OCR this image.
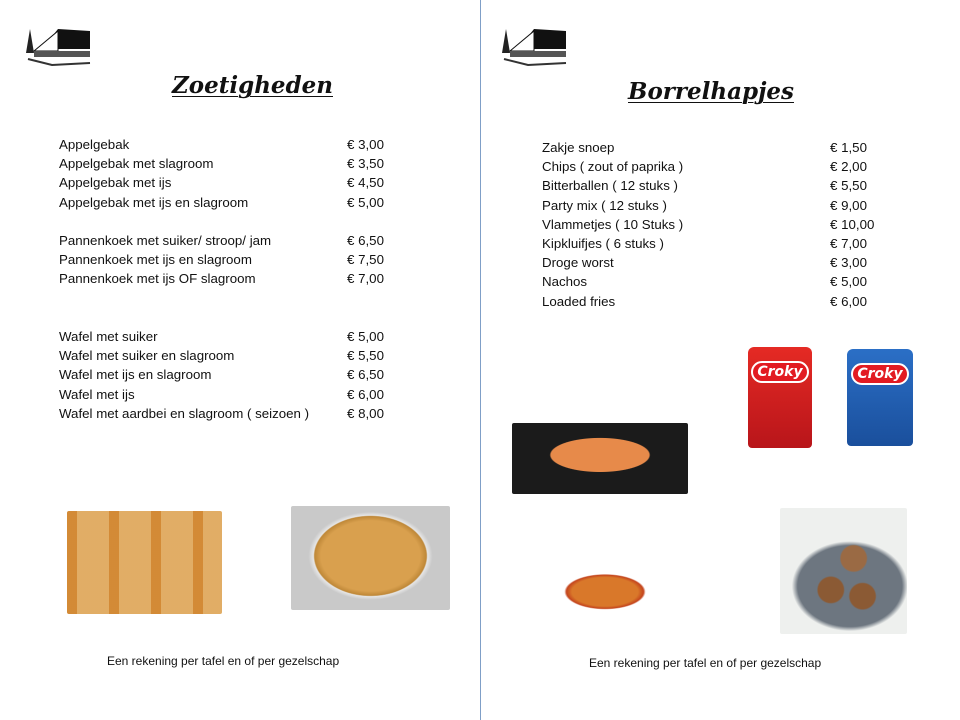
Zoetigheden
Appelgebak	€ 3,00
Appelgebak met slagroom	€ 3,50
Appelgebak met ijs	€ 4,50
Appelgebak met ijs en slagroom	€ 5,00
Pannenkoek met suiker/ stroop/ jam	€ 6,50
Pannenkoek met ijs en slagroom	€ 7,50
Pannenkoek met ijs OF slagroom	€ 7,00
Wafel met suiker	€ 5,00
Wafel met suiker en slagroom	€ 5,50
Wafel met ijs en slagroom	€ 6,50
Wafel met ijs	€ 6,00
Wafel met aardbei en slagroom ( seizoen )	€ 8,00
Een rekening per tafel en of per gezelschap
Borrelhapjes
Zakje snoep	€ 1,50
Chips ( zout of paprika )	€ 2,00
Bitterballen ( 12 stuks )	€ 5,50
Party mix ( 12 stuks )	€ 9,00
Vlammetjes ( 10 Stuks )	€ 10,00
Kipkluifjes ( 6 stuks )	€ 7,00
Droge worst	€ 3,00
Nachos	€ 5,00
Loaded fries	€ 6,00
Croky	Croky
Een rekening per tafel en of per gezelschap
